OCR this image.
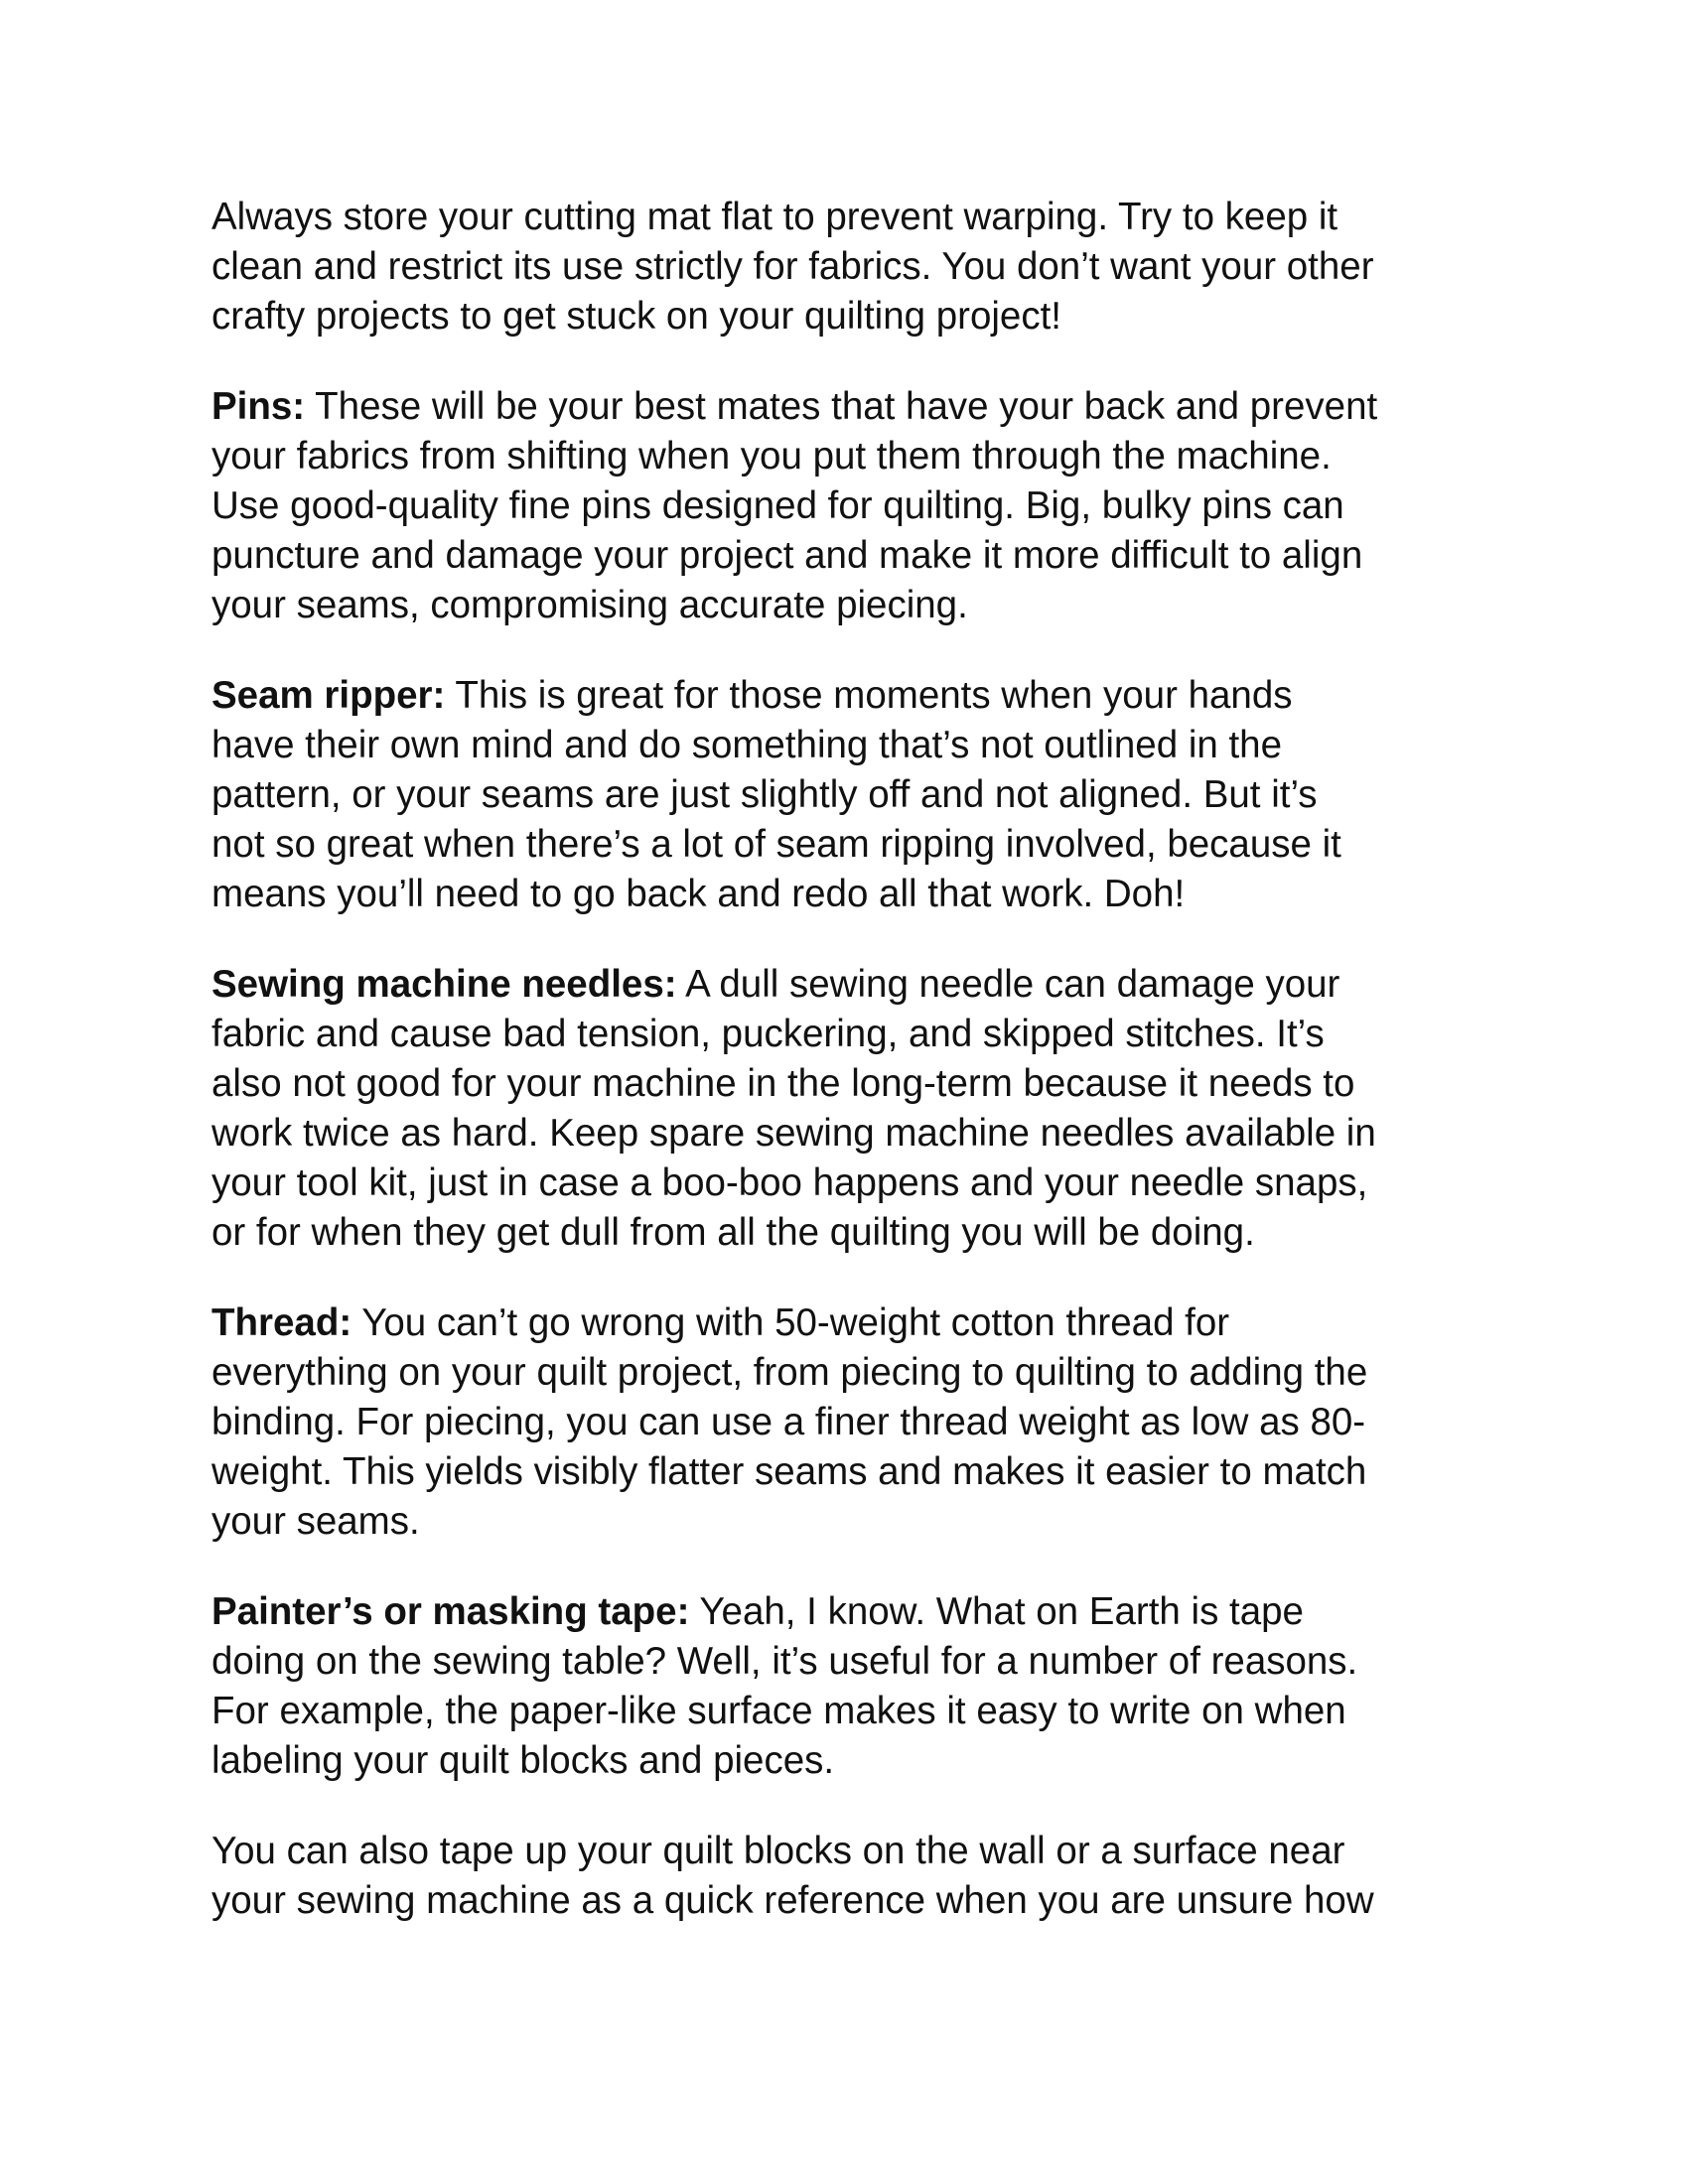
Always store your cutting mat flat to prevent warping. Try to keep it
clean and restrict its use strictly for fabrics. You don’t want your other
crafty projects to get stuck on your quilting project!

Pins: These will be your best mates that have your back and prevent
your fabrics from shifting when you put them through the machine.
Use good-quality fine pins designed for quilting. Big, bulky pins can
puncture and damage your project and make it more difficult to align
your seams, compromising accurate piecing.

Seam ripper: This is great for those moments when your hands
have their own mind and do something that’s not outlined in the
pattern, or your seams are just slightly off and not aligned. But it’s
not so great when there’s a lot of seam ripping involved, because it
means you’ll need to go back and redo all that work. Doh!

Sewing machine needles: A dull sewing needle can damage your
fabric and cause bad tension, puckering, and skipped stitches. It’s
also not good for your machine in the long-term because it needs to
work twice as hard. Keep spare sewing machine needles available in
your tool kit, just in case a boo-boo happens and your needle snaps,
or for when they get dull from all the quilting you will be doing.

Thread: You can’t go wrong with 50-weight cotton thread for
everything on your quilt project, from piecing to quilting to adding the
binding. For piecing, you can use a finer thread weight as low as 80-
weight. This yields visibly flatter seams and makes it easier to match
your seams.

Painter’s or masking tape: Yeah, I know. What on Earth is tape
doing on the sewing table? Well, it’s useful for a number of reasons.
For example, the paper-like surface makes it easy to write on when
labeling your quilt blocks and pieces.

You can also tape up your quilt blocks on the wall or a surface near
your sewing machine as a quick reference when you are unsure how
